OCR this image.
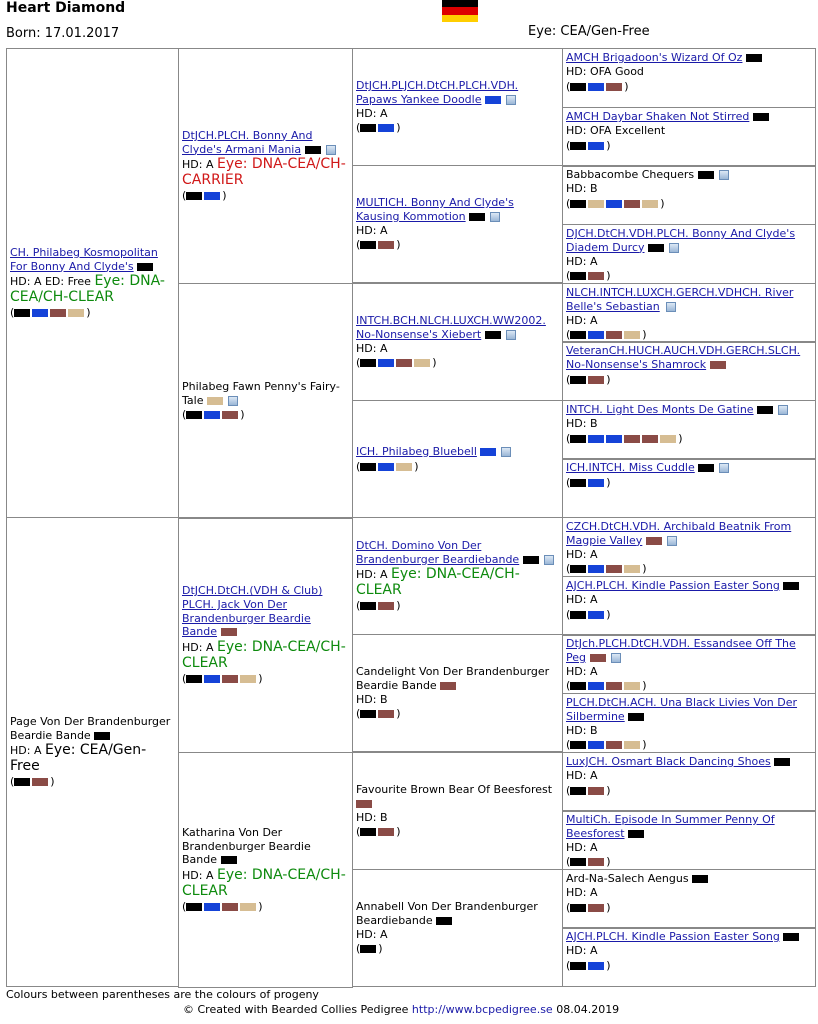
Heart Diamond
Born: 17.01.2017	Eye: CEA/Gen-Free
CH. Philabeg Kosmopolitan For Bonny And Clyde's
HD: A ED: Free Eye: DNA-CEA/CH-CLEAR
(	)
DtJCH.PLCH. Bonny And Clyde's Armani Mania
HD: A Eye: DNA-CEA/CH-CARRIER
(	)
DtJCH.PLJCH.DtCH.PLCH.VDH. Papaws Yankee Doodle
HD: A
(	)
AMCH Brigadoon's Wizard Of Oz
HD: OFA Good
(	)
AMCH Daybar Shaken Not Stirred
HD: OFA Excellent
(	)
MULTICH. Bonny And Clyde's Kausing Kommotion
HD: A
(	)
Babbacombe Chequers
HD: B
(	)
DJCH.DtCH.VDH.PLCH. Bonny And Clyde's Diadem Durcy
HD: A
(	)
Philabeg Fawn Penny's Fairy-Tale
(	)
INTCH.BCH.NLCH.LUXCH.WW2002. No-Nonsense's Xiebert
HD: A
(	)
NLCH.INTCH.LUXCH.GERCH.VDHCH. River Belle's Sebastian
HD: A
(	)
VeteranCH.HUCH.AUCH.VDH.GERCH.SLCH. No-Nonsense's Shamrock
(	)
ICH. Philabeg Bluebell
(	)
INTCH. Light Des Monts De Gatine
HD: B
(	)
ICH.INTCH. Miss Cuddle
(	)
Page Von Der Brandenburger Beardie Bande
HD: A Eye: CEA/Gen-Free
(	)
DtJCH.DtCH.(VDH & Club) PLCH. Jack Von Der Brandenburger Beardie Bande
HD: A Eye: DNA-CEA/CH-CLEAR
(	)
DtCH. Domino Von Der Brandenburger Beardiebande
HD: A Eye: DNA-CEA/CH-CLEAR
(	)
CZCH.DtCH.VDH. Archibald Beatnik From Magpie Valley
HD: A
(	)
AJCH.PLCH. Kindle Passion Easter Song
HD: A
(	)
Candelight Von Der Brandenburger Beardie Bande
HD: B
(	)
DtJch.PLCH.DtCH.VDH. Essandsee Off The Peg
HD: A
(	)
PLCH.DtCH.ACH. Una Black Livies Von Der Silbermine
HD: B
(	)
Katharina Von Der Brandenburger Beardie Bande
HD: A Eye: DNA-CEA/CH-CLEAR
(	)
Favourite Brown Bear Of Beesforest
HD: B
(	)
LuxJCH. Osmart Black Dancing Shoes
HD: A
(	)
MultiCh. Episode In Summer Penny Of Beesforest
HD: A
(	)
Annabell Von Der Brandenburger Beardiebande
HD: A
( )
Ard-Na-Salech Aengus
HD: A
(	)
AJCH.PLCH. Kindle Passion Easter Song
HD: A
(	)
Colours between parentheses are the colours of progeny
© Created with Bearded Collies Pedigree http://www.bcpedigree.se 08.04.2019
